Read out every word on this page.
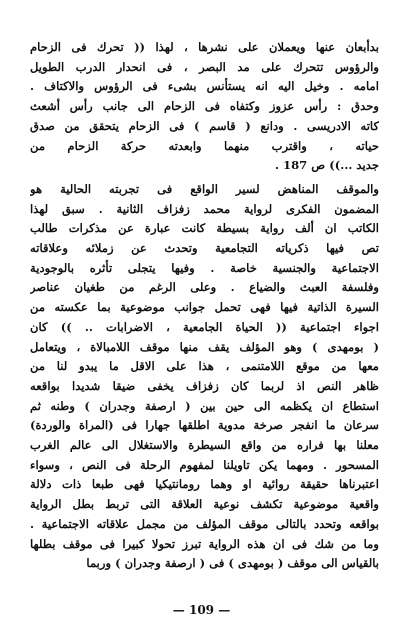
بدأبعان عنها ويعملان على نشرها ، لهذا (( تحرك فى الزحام

والرؤوس تتحرك على مد البصر ، فى انحدار الدرب الطويل

امامه . وخيل اليه انه يستأنس بشىء فى الرؤوس والاكتاف .

وحدق : رأس عزوز وكتفاه فى الزحام الى جانب رأس أشعث

كاته الادريسى . ودانع ( قاسم ) فى الزحام يتحقق من صدق

حياته ، واقترب منهما وابعدته حركة الزحام من

جديد ...)) ص 187 .

والموقف المناهض لسير الواقع فى تجربته الحالية هو

المضمون الفكرى لرواية محمد زفزاف الثانية . سبق لهذا

الكاتب ان ألف رواية بسيطة كانت عبارة عن مذكرات طالب

تص فيها ذكرياته التجامعية وتحدث عن زملائه وعلاقاته

الاجتماعية والجنسية خاصة . وفيها يتجلى تأثره بالوجودية

وفلسفة العبث والضياع . وعلى الرغم من طغيان عناصر

السيرة الذاتية فيها فهى تحمل جوانب موضوعية بما عكسته من

اجواء اجتماعية (( الحياة الجامعية ، الاضرابات .. )) كان

( بومهدى ) وهو المؤلف يقف منها موقف اللامبالاة ، ويتعامل

معها من موقع اللامتنمى ، هذا على الاقل ما يبدو لنا من

ظاهر النص اذ لربما كان زفزاف يخفى ضيقا شديدا بواقعه

استطاع ان يكظمه الى حين بين ( ارصفة وجدران ) وطنه ثم

سرعان ما انفجر صرخة مدوية اطلقها جهارا فى (المراة والوردة)

معلنا بها فراره من واقع السيطرة والاستغلال الى عالم الغرب

المسحور . ومهما يكن تاويلنا لمفهوم الرحلة فى النص ، وسواء

اعتبرناها حقيقة روائية او وهما رومانتيكيا فهى طبعا ذات دلالة

واقعية موضوعية تكشف نوعية العلاقة التى تربط بطل الرواية

بواقعه وتحدد بالتالى موقف المؤلف من مجمل علاقاته الاجتماعية .

وما من شك فى ان هذه الرواية تبرز تحولا كبيرا فى موقف بطلها

بالقياس الى موقف ( بومهدى ) فى ( ارصفة وجدران ) وربما

— 109 —
